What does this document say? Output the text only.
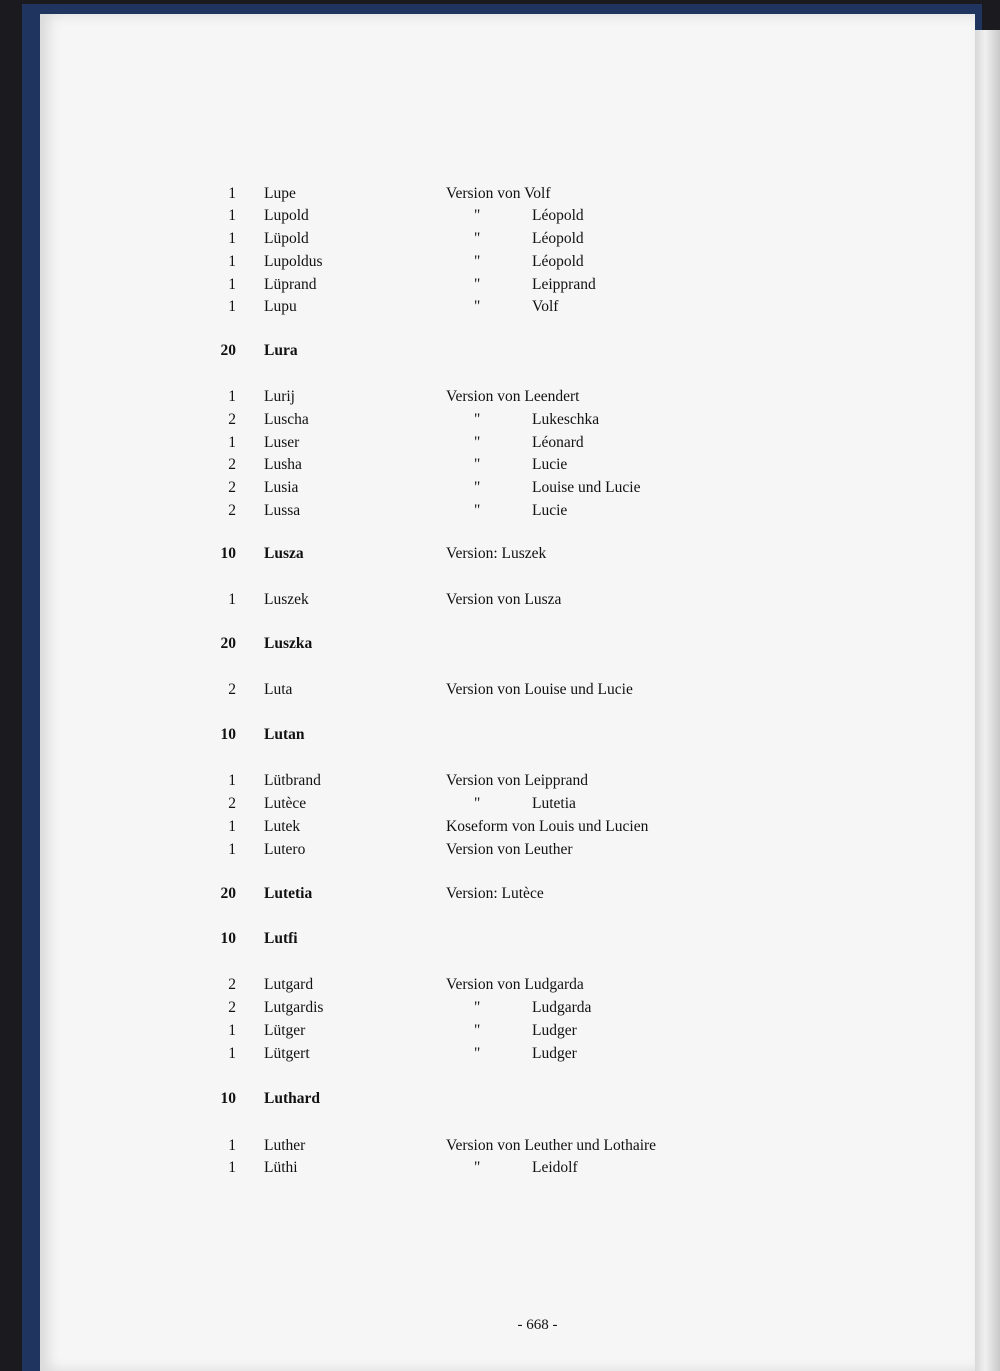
1 Lupe	Version von Volf
1 Lupold	"	Léopold
1 Lüpold	"	Léopold
1 Lupoldus	"	Léopold
1 Lüprand	"	Leipprand
1 Lupu	"	Volf
20 Lura
1 Lurij	Version von Leendert
2 Luscha	"	Lukeschka
1 Luser	"	Léonard
2 Lusha	"	Lucie
2 Lusia	"	Louise und Lucie
2 Lussa	"	Lucie
10 Lusza	Version: Luszek
1 Luszek	Version von Lusza
20 Luszka
2 Luta	Version von Louise und Lucie
10 Lutan
1 Lütbrand	Version von Leipprand
2 Lutèce	"	Lutetia
1 Lutek	Koseform von Louis und Lucien
1 Lutero	Version von Leuther
20 Lutetia	Version: Lutèce
10 Lutfi
2 Lutgard	Version von Ludgarda
2 Lutgardis	"	Ludgarda
1 Lütger	"	Ludger
1 Lütgert	"	Ludger
10 Luthard
1 Luther	Version von Leuther und Lothaire
1 Lüthi	"	Leidolf
- 668 -
